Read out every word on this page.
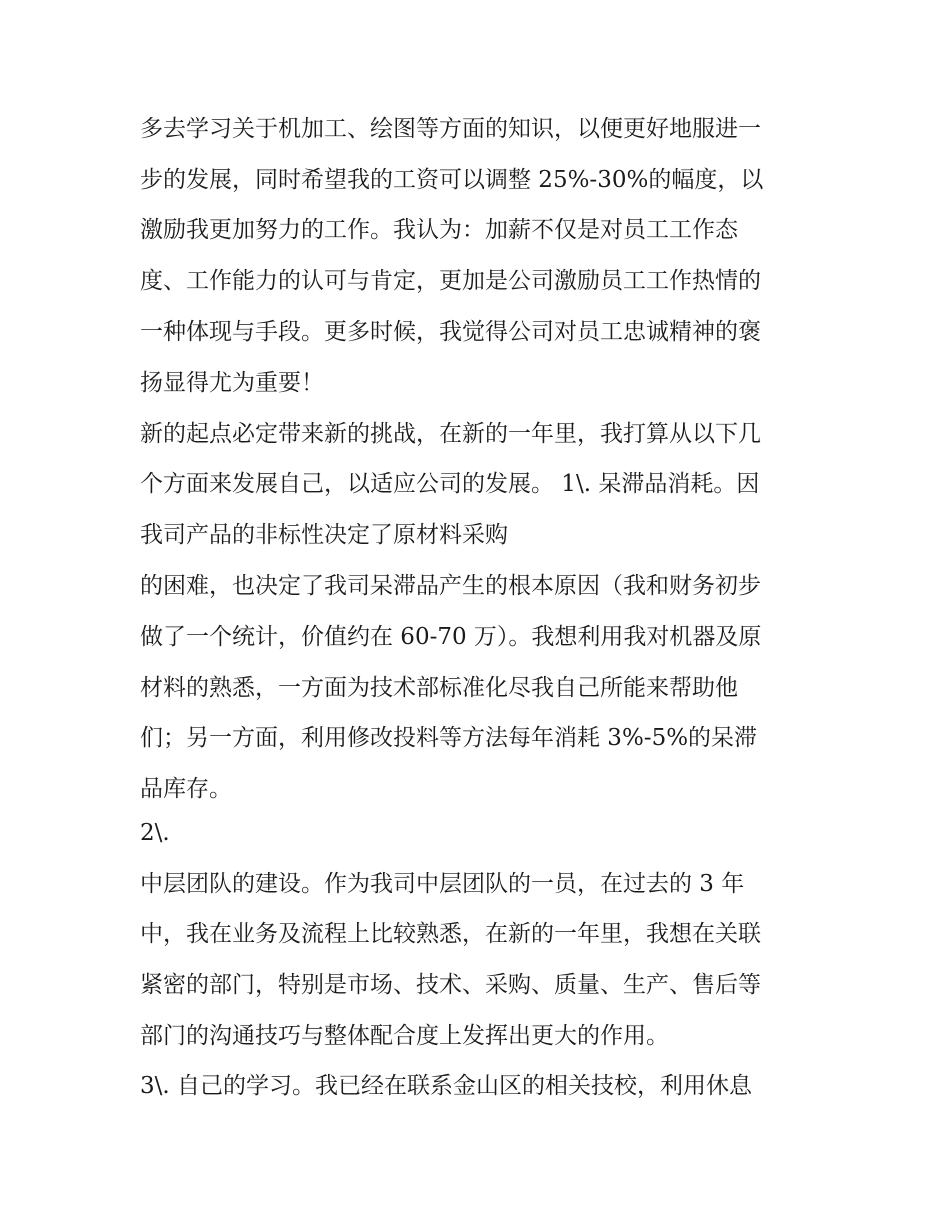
多去学习关于机加工、绘图等方面的知识，以便更好地服进一

步的发展，同时希望我的工资可以调整 25%-30%的幅度，以

激励我更加努力的工作。我认为：加薪不仅是对员工工作态

度、工作能力的认可与肯定，更加是公司激励员工工作热情的

一种体现与手段。更多时候，我觉得公司对员工忠诚精神的褒

扬显得尤为重要！

新的起点必定带来新的挑战，在新的一年里，我打算从以下几

个方面来发展自己，以适应公司的发展。 1\. 呆滞品消耗。因

我司产品的非标性决定了原材料采购

的困难，也决定了我司呆滞品产生的根本原因（我和财务初步

做了一个统计，价值约在 60-70 万）。我想利用我对机器及原

材料的熟悉，一方面为技术部标准化尽我自己所能来帮助他

们；另一方面，利用修改投料等方法每年消耗 3%-5%的呆滞

品库存。

2\.

中层团队的建设。作为我司中层团队的一员，在过去的 3 年

中，我在业务及流程上比较熟悉，在新的一年里，我想在关联

紧密的部门，特别是市场、技术、采购、质量、生产、售后等

部门的沟通技巧与整体配合度上发挥出更大的作用。

3\. 自己的学习。我已经在联系金山区的相关技校，利用休息
